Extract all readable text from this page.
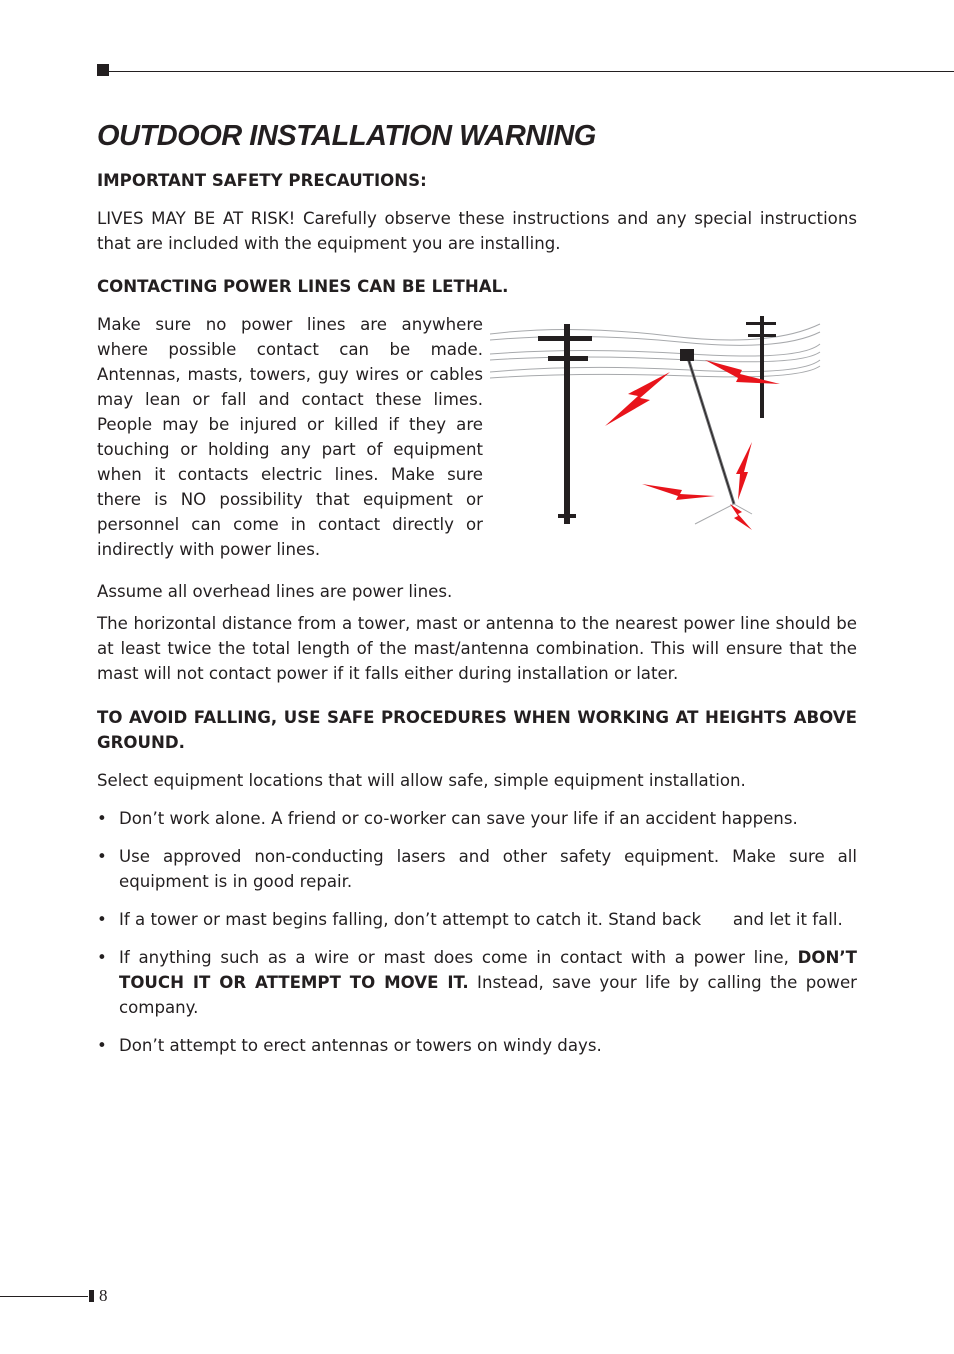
OUTDOOR INSTALLATION WARNING

IMPORTANT SAFETY PRECAUTIONS:

LIVES MAY BE AT RISK! Carefully observe these instructions and any special instructions that are included with the equipment you are installing.

CONTACTING POWER LINES CAN BE LETHAL.

Make sure no power lines are anywhere where possible contact can be made. Antennas, masts, towers, guy wires or cables may lean or fall and contact these limes. People may be injured or killed if they are touching or holding any part of equipment when it contacts electric lines. Make sure there is NO possibility that equipment or personnel can come in contact directly or indirectly with power lines.

Assume all overhead lines are power lines.

The horizontal distance from a tower, mast or antenna to the nearest power line should be at least twice the total length of the mast/antenna combination. This will ensure that the mast will not contact power if it falls either during installation or later.

TO AVOID FALLING, USE SAFE PROCEDURES WHEN WORKING AT HEIGHTS ABOVE GROUND.

Select equipment locations that will allow safe, simple equipment installation.

• Don’t work alone. A friend or co-worker can save your life if an accident happens.
• Use approved non-conducting lasers and other safety equipment. Make sure all equipment is in good repair.
• If a tower or mast begins falling, don’t attempt to catch it. Stand back      and let it fall.
• If anything such as a wire or mast does come in contact with a power line, DON’T TOUCH IT OR ATTEMPT TO MOVE IT. Instead, save your life by calling the power company.
• Don’t attempt to erect antennas or towers on windy days.
8
